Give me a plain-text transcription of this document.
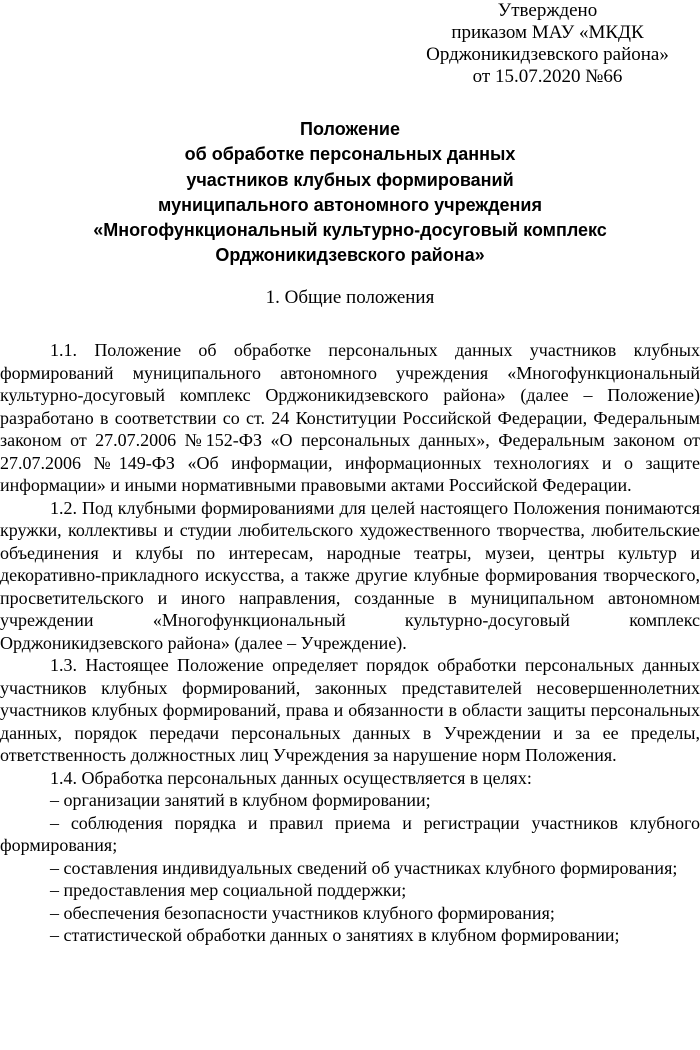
Утверждено
приказом МАУ «МКДК
Орджоникидзевского района»
от 15.07.2020 №66
Положение
об обработке персональных данных
участников клубных формирований
муниципального автономного учреждения
«Многофункциональный культурно-досуговый комплекс
Орджоникидзевского района»
1. Общие положения

1.1. Положение об обработке персональных данных участников клубных формирований муниципального автономного учреждения «Многофункциональный культурно-досуговый комплекс Орджоникидзевского района» (далее – Положение) разработано в соответствии со ст. 24 Конституции Российской Федерации, Федеральным законом от 27.07.2006 №152-ФЗ «О персональных данных», Федеральным законом от 27.07.2006 №149-ФЗ «Об информации, информационных технологиях и о защите информации» и иными нормативными правовыми актами Российской Федерации.

1.2. Под клубными формированиями для целей настоящего Положения понимаются кружки, коллективы и студии любительского художественного творчества, любительские объединения и клубы по интересам, народные театры, музеи, центры культур и декоративно-прикладного искусства, а также другие клубные формирования творческого, просветительского и иного направления, созданные в муниципальном автономном учреждении «Многофункциональный культурно-досуговый комплекс Орджоникидзевского района» (далее – Учреждение).

1.3. Настоящее Положение определяет порядок обработки персональных данных участников клубных формирований, законных представителей несовершеннолетних участников клубных формирований, права и обязанности в области защиты персональных данных, порядок передачи персональных данных в Учреждении и за ее пределы, ответственность должностных лиц Учреждения за нарушение норм Положения.

1.4. Обработка персональных данных осуществляется в целях:

– организации занятий в клубном формировании;

– соблюдения порядка и правил приема и регистрации участников клубного формирования;

– составления индивидуальных сведений об участниках клубного формирования;

– предоставления мер социальной поддержки;

– обеспечения безопасности участников клубного формирования;

– статистической обработки данных о занятиях в клубном формировании;
